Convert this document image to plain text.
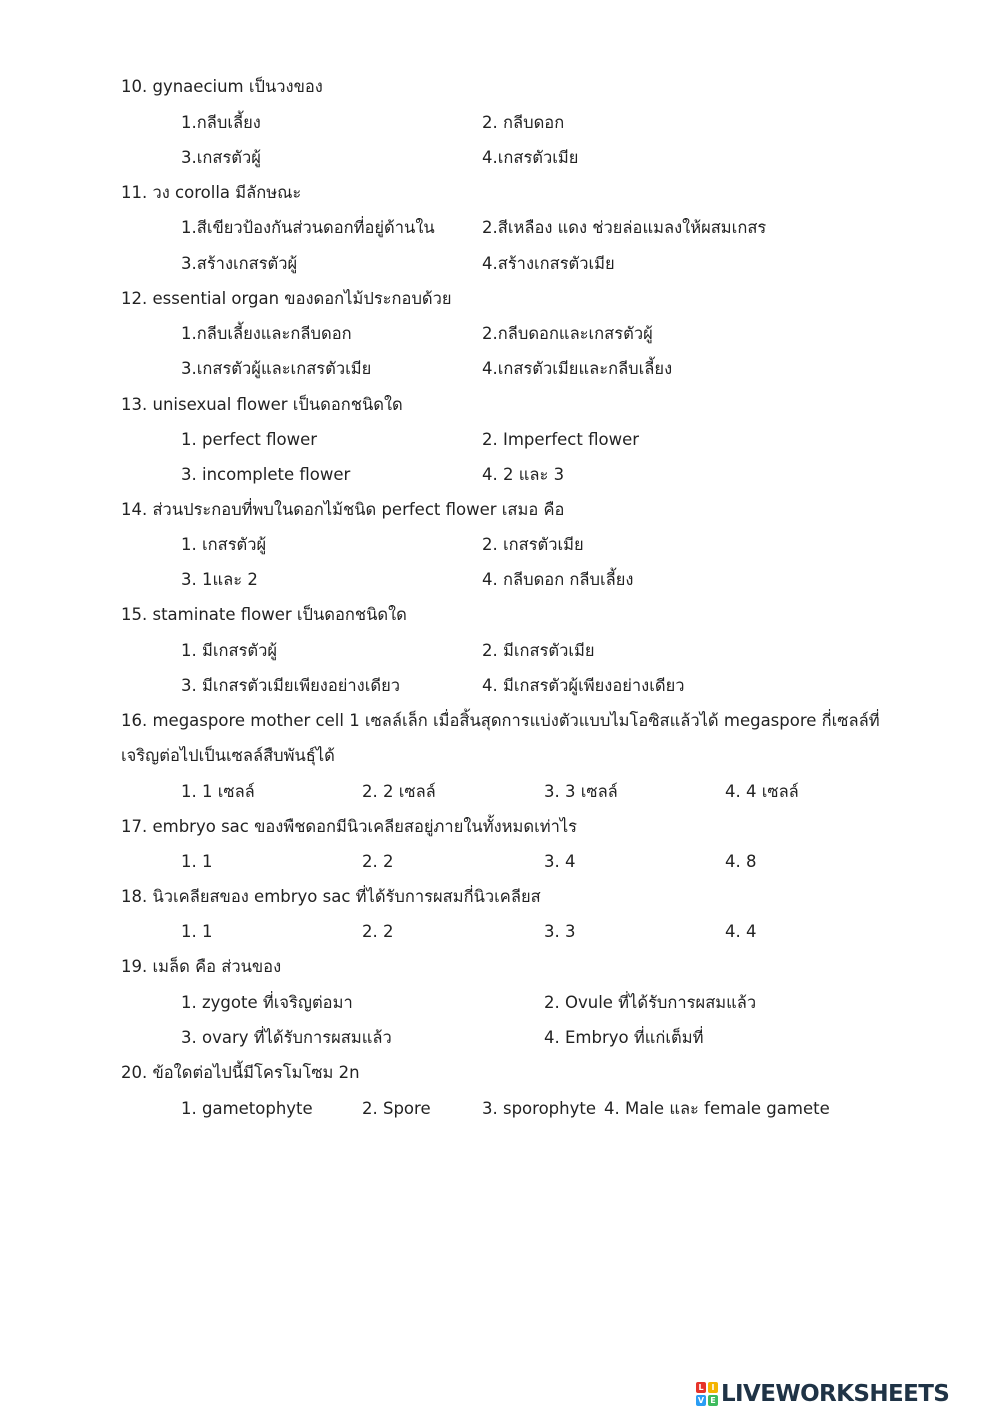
10. gynaecium เป็นวงของ
1.กลีบเลี้ยง	2. กลีบดอก
3.เกสรตัวผู้	4.เกสรตัวเมีย
11. วง corolla มีลักษณะ
1.สีเขียวป้องกันส่วนดอกที่อยู่ด้านใน	2.สีเหลือง แดง ช่วยล่อแมลงให้ผสมเกสร
3.สร้างเกสรตัวผู้	4.สร้างเกสรตัวเมีย
12. essential organ ของดอกไม้ประกอบด้วย
1.กลีบเลี้ยงและกลีบดอก	2.กลีบดอกและเกสรตัวผู้
3.เกสรตัวผู้และเกสรตัวเมีย	4.เกสรตัวเมียและกลีบเลี้ยง
13. unisexual flower เป็นดอกชนิดใด
1. perfect flower	2. Imperfect flower
3. incomplete flower	4. 2 และ 3
14. ส่วนประกอบที่พบในดอกไม้ชนิด perfect flower เสมอ คือ
1. เกสรตัวผู้	2. เกสรตัวเมีย
3. 1และ 2	4. กลีบดอก กลีบเลี้ยง
15. staminate flower เป็นดอกชนิดใด
1. มีเกสรตัวผู้	2. มีเกสรตัวเมีย
3. มีเกสรตัวเมียเพียงอย่างเดียว	4. มีเกสรตัวผู้เพียงอย่างเดียว
16. megaspore mother cell 1 เซลล์เล็ก เมื่อสิ้นสุดการแบ่งตัวแบบไมโอซิสแล้วได้ megaspore กี่เซลล์ที่
เจริญต่อไปเป็นเซลล์สืบพันธุ์ได้
1. 1 เซลล์	2. 2 เซลล์	3. 3 เซลล์	4. 4 เซลล์
17. embryo sac ของพืชดอกมีนิวเคลียสอยู่ภายในทั้งหมดเท่าไร
1. 1	2. 2	3. 4	4. 8
18. นิวเคลียสของ embryo sac ที่ได้รับการผสมกี่นิวเคลียส
1. 1	2. 2	3. 3	4. 4
19. เมล็ด คือ ส่วนของ
1. zygote ที่เจริญต่อมา	2. Ovule ที่ได้รับการผสมแล้ว
3. ovary ที่ได้รับการผสมแล้ว	4. Embryo ที่แก่เต็มที่
20. ข้อใดต่อไปนี้มีโครโมโซม 2n
1. gametophyte	2. Spore	3. sporophyte 4. Male และ female gamete
L I
V E LIVEWORKSHEETS
